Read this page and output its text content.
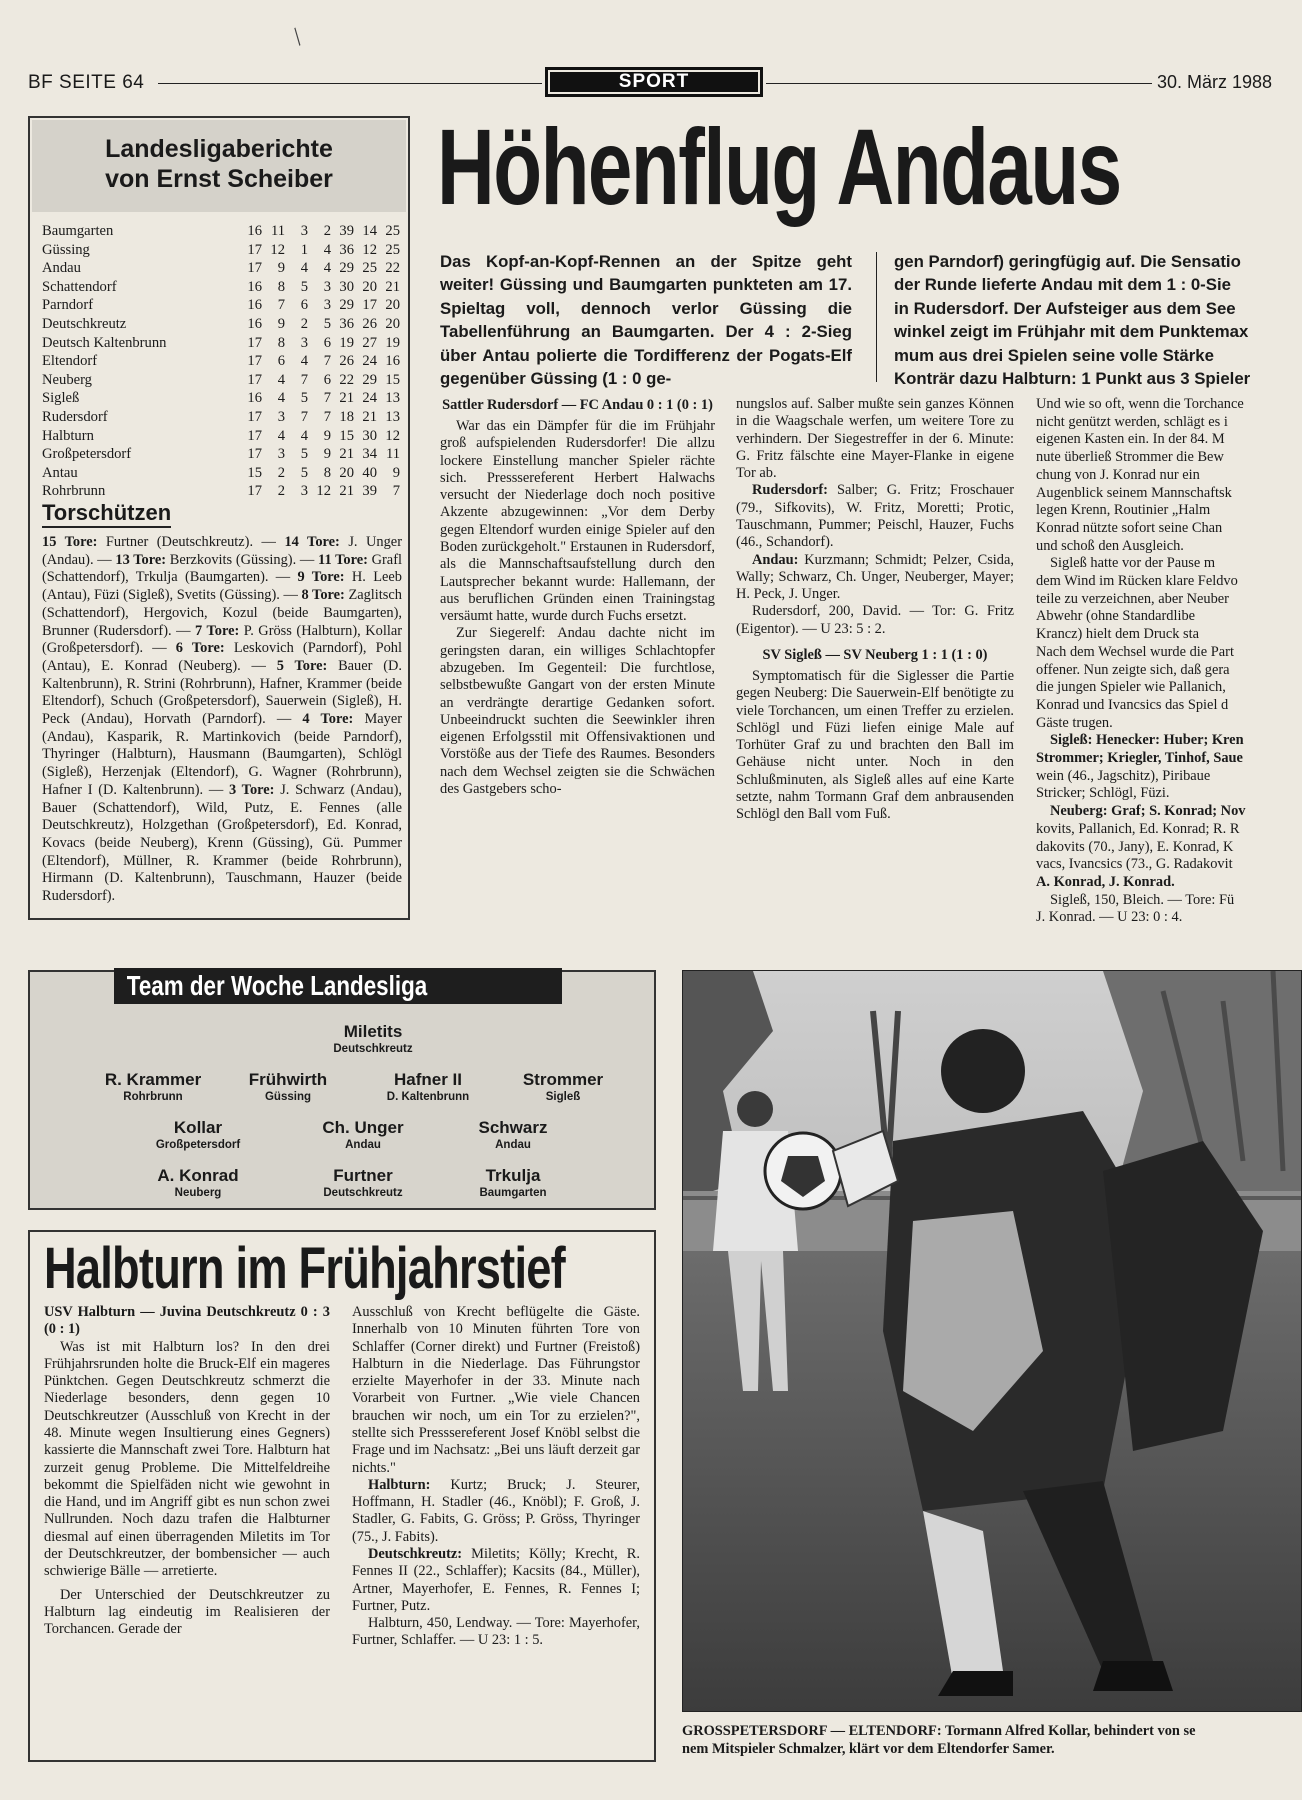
/
BF SEITE 64	SPORT	30. März 1988
Landesligaberichte
von Ernst Scheiber
Baumgarten	16 11	3	2 39 14 25
Güssing	17 12	1	4 36 12 25
Andau	17	9	4	4 29 25 22
Schattendorf	16	8	5	3 30 20 21
Parndorf	16	7	6	3 29 17 20
Deutschkreutz	16	9	2	5 36 26 20
Deutsch Kaltenbrunn	17	8	3	6 19 27 19
Eltendorf	17	6	4	7 26 24 16
Neuberg	17	4	7	6 22 29 15
Sigleß	16	4	5	7 21 24 13
Rudersdorf	17	3	7	7 18 21 13
Halbturn	17	4	4	9 15 30 12
Großpetersdorf	17	3	5	9 21 34 11
Antau	15	2	5	8 20 40	9
Rohrbrunn	17	2	3 12 21 39	7
Torschützen
15 Tore: Furtner (Deutschkreutz). — 14 Tore: J. Unger (Andau). — 13 Tore: Berzkovits (Güssing). — 11 Tore: Grafl (Schattendorf), Trkulja (Baumgarten). — 9 Tore: H. Leeb (Antau), Füzi (Sigleß), Svetits (Güssing). — 8 Tore: Zaglitsch (Schattendorf), Hergovich, Kozul (beide Baumgarten), Brunner (Rudersdorf). — 7 Tore: P. Gröss (Halbturn), Kollar (Großpetersdorf). — 6 Tore: Leskovich (Parndorf), Pohl (Antau), E. Konrad (Neuberg). — 5 Tore: Bauer (D. Kaltenbrunn), R. Strini (Rohrbrunn), Hafner, Krammer (beide Eltendorf), Schuch (Großpetersdorf), Sauerwein (Sigleß), H. Peck (Andau), Horvath (Parndorf). — 4 Tore: Mayer (Andau), Kasparik, R. Martinkovich (beide Parndorf), Thyringer (Halbturn), Hausmann (Baumgarten), Schlögl (Sigleß), Herzenjak (Eltendorf), G. Wagner (Rohrbrunn), Hafner I (D. Kaltenbrunn). — 3 Tore: J. Schwarz (Andau), Bauer (Schattendorf), Wild, Putz, E. Fennes (alle Deutschkreutz), Holzgethan (Großpetersdorf), Ed. Konrad, Kovacs (beide Neuberg), Krenn (Güssing), Gü. Pummer (Eltendorf), Müllner, R. Krammer (beide Rohrbrunn), Hirmann (D. Kaltenbrunn), Tauschmann, Hauzer (beide Rudersdorf).
Höhenflug Andaus
Das Kopf-an-Kopf-Rennen an der Spitze geht weiter! Güssing und Baumgarten punkteten am 17. Spieltag voll, dennoch verlor Güssing die Tabellenführung an Baumgarten. Der 4 : 2-Sieg über Antau polierte die Tordifferenz der Pogats-Elf gegenüber Güssing (1 : 0 ge-
gen Parndorf) geringfügig auf. Die Sensatio
der Runde lieferte Andau mit dem 1 : 0-Sie
in Rudersdorf. Der Aufsteiger aus dem See
winkel zeigt im Frühjahr mit dem Punktemax
mum aus drei Spielen seine volle Stärke
Konträr dazu Halbturn: 1 Punkt aus 3 Spieler
Sattler Rudersdorf — FC Andau 0 : 1 (0 : 1)

War das ein Dämpfer für die im Frühjahr groß aufspielenden Rudersdorfer! Die allzu lockere Einstellung mancher Spieler rächte sich. Presssereferent Herbert Halwachs versucht der Niederlage doch noch positive Akzente abzugewinnen: „Vor dem Derby gegen Eltendorf wurden einige Spieler auf den Boden zurückgeholt." Erstaunen in Rudersdorf, als die Mannschaftsaufstellung durch den Lautsprecher bekannt wurde: Hallemann, der aus beruflichen Gründen einen Trainingstag versäumt hatte, wurde durch Fuchs ersetzt.

Zur Siegerelf: Andau dachte nicht im geringsten daran, ein williges Schlachtopfer abzugeben. Im Gegenteil: Die furchtlose, selbstbewußte Gangart von der ersten Minute an verdrängte derartige Gedanken sofort. Unbeeindruckt suchten die Seewinkler ihren eigenen Erfolgsstil mit Offensivaktionen und Vorstöße aus der Tiefe des Raumes. Besonders nach dem Wechsel zeigten sie die Schwächen des Gastgebers scho-

nungslos auf. Salber mußte sein ganzes Können in die Waagschale werfen, um weitere Tore zu verhindern. Der Siegestreffer in der 6. Minute: G. Fritz fälschte eine Mayer-Flanke in eigene Tor ab.

Rudersdorf: Salber; G. Fritz; Froschauer (79., Sifkovits), W. Fritz, Moretti; Protic, Tauschmann, Pummer; Peischl, Hauzer, Fuchs (46., Schandorf).

Andau: Kurzmann; Schmidt; Pelzer, Csida, Wally; Schwarz, Ch. Unger, Neuberger, Mayer; H. Peck, J. Unger.

Rudersdorf, 200, David. — Tor: G. Fritz (Eigentor). — U 23: 5 : 2.

SV Sigleß — SV Neuberg 1 : 1 (1 : 0)

Symptomatisch für die Siglesser die Partie gegen Neuberg: Die Sauerwein-Elf benötigte zu viele Torchancen, um einen Treffer zu erzielen. Schlögl und Füzi liefen einige Male auf Torhüter Graf zu und brachten den Ball im Gehäuse nicht unter. Noch in den Schlußminuten, als Sigleß alles auf eine Karte setzte, nahm Tormann Graf dem anbrausenden Schlögl den Ball vom Fuß.

Und wie so oft, wenn die Torchance
nicht genützt werden, schlägt es i
eigenen Kasten ein. In der 84. M
nute überließ Strommer die Bew
chung von J. Konrad nur ein
Augenblick seinem Mannschaftsk
legen Krenn, Routinier „Halm
Konrad nützte sofort seine Chan
und schoß den Ausgleich.
Sigleß hatte vor der Pause m
dem Wind im Rücken klare Feldvo
teile zu verzeichnen, aber Neuber
Abwehr (ohne Standardlibe
Krancz) hielt dem Druck sta
Nach dem Wechsel wurde die Part
offener. Nun zeigte sich, daß gera
die jungen Spieler wie Pallanich,
Konrad und Ivancsics das Spiel d
Gäste trugen.
Sigleß: Henecker: Huber; Kren
Strommer; Kriegler, Tinhof, Saue
wein (46., Jagschitz), Piribaue
Stricker; Schlögl, Füzi.
Neuberg: Graf; S. Konrad; Nov
kovits, Pallanich, Ed. Konrad; R. R
dakovits (70., Jany), E. Konrad, K
vacs, Ivancsics (73., G. Radakovit
A. Konrad, J. Konrad.
Sigleß, 150, Bleich. — Tore: Fü
J. Konrad. — U 23: 0 : 4.
Team der Woche Landesliga
Miletits
Deutschkreutz
R. Krammer
Rohrbrunn
Frühwirth
Güssing
Hafner II
D. Kaltenbrunn
Strommer
Sigleß
Kollar
Großpetersdorf
Ch. Unger
Andau
Schwarz
Andau
A. Konrad
Neuberg
Furtner
Deutschkreutz
Trkulja
Baumgarten
Halbturn im Frühjahrstief

USV Halbturn — Juvina Deutschkreutz 0 : 3 (0 : 1)

Was ist mit Halbturn los? In den drei Frühjahrsrunden holte die Bruck-Elf ein mageres Pünktchen. Gegen Deutschkreutz schmerzt die Niederlage besonders, denn gegen 10 Deutschkreutzer (Ausschluß von Krecht in der 48. Minute wegen Insultierung eines Gegners) kassierte die Mannschaft zwei Tore. Halbturn hat zurzeit genug Probleme. Die Mittelfeldreihe bekommt die Spielfäden nicht wie gewohnt in die Hand, und im Angriff gibt es nun schon zwei Nullrunden. Noch dazu trafen die Halbturner diesmal auf einen überragenden Miletits im Tor der Deutschkreutzer, der bombensicher — auch schwierige Bälle — arretierte.

Der Unterschied der Deutschkreutzer zu Halbturn lag eindeutig im Realisieren der Torchancen. Gerade der

Ausschluß von Krecht beflügelte die Gäste. Innerhalb von 10 Minuten führten Tore von Schlaffer (Corner direkt) und Furtner (Freistoß) Halbturn in die Niederlage. Das Führungstor erzielte Mayerhofer in der 33. Minute nach Vorarbeit von Furtner. „Wie viele Chancen brauchen wir noch, um ein Tor zu erzielen?", stellte sich Presssereferent Josef Knöbl selbst die Frage und im Nachsatz: „Bei uns läuft derzeit gar nichts."

Halbturn: Kurtz; Bruck; J. Steurer, Hoffmann, H. Stadler (46., Knöbl); F. Groß, J. Stadler, G. Fabits, G. Gröss; P. Gröss, Thyringer (75., J. Fabits).

Deutschkreutz: Miletits; Kölly; Krecht, R. Fennes II (22., Schlaffer); Kacsits (84., Müller), Artner, Mayerhofer, E. Fennes, R. Fennes I; Furtner, Putz.

Halbturn, 450, Lendway. — Tore: Mayerhofer, Furtner, Schlaffer. — U 23: 1 : 5.

GROSSPETERSDORF — ELTENDORF: Tormann Alfred Kollar, behindert von se
nem Mitspieler Schmalzer, klärt vor dem Eltendorfer Samer.
